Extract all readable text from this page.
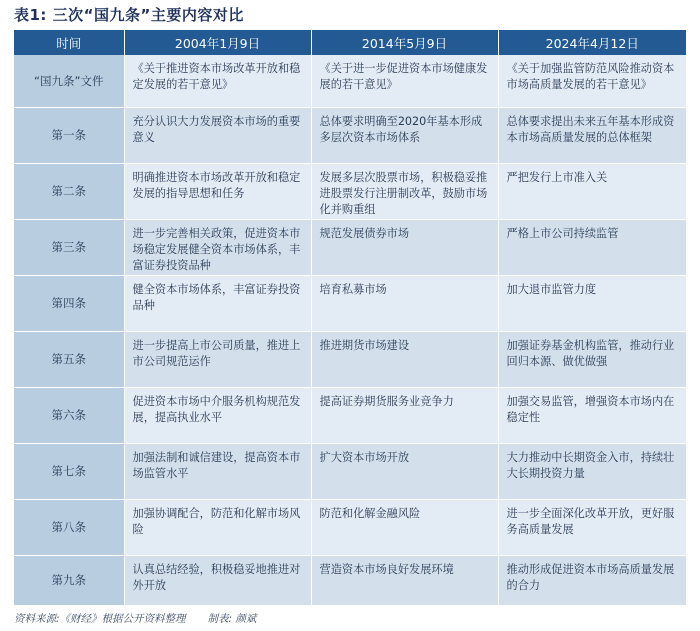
表1: 三次“国九条”主要内容对比
时间	2004年1月9日	2014年5月9日	2024年4月12日
“国九条”文件	《关于推进资本市场改革开放和稳定发展的若干意见》	《关于进一步促进资本市场健康发展的若干意见》	《关于加强监管防范风险推动资本市场高质量发展的若干意见》
第一条	充分认识大力发展资本市场的重要意义	总体要求明确至2020年基本形成多层次资本市场体系	总体要求提出未来五年基本形成资本市场高质量发展的总体框架
第二条	明确推进资本市场改革开放和稳定发展的指导思想和任务	发展多层次股票市场，积极稳妥推进股票发行注册制改革，鼓励市场化并购重组	严把发行上市准入关
第三条	进一步完善相关政策，促进资本市场稳定发展健全资本市场体系，丰富证券投资品种	规范发展债券市场	严格上市公司持续监管
第四条	健全资本市场体系，丰富证券投资品种	培育私募市场	加大退市监管力度
第五条	进一步提高上市公司质量，推进上市公司规范运作	推进期货市场建设	加强证券基金机构监管，推动行业回归本源、做优做强
第六条	促进资本市场中介服务机构规范发展，提高执业水平	提高证券期货服务业竞争力	加强交易监管，增强资本市场内在稳定性
第七条	加强法制和诚信建设，提高资本市场监管水平	扩大资本市场开放	大力推动中长期资金入市，持续壮大长期投资力量
第八条	加强协调配合，防范和化解市场风险	防范和化解金融风险	进一步全面深化改革开放，更好服务高质量发展
第九条	认真总结经验，积极稳妥地推进对外开放	营造资本市场良好发展环境	推动形成促进资本市场高质量发展的合力
资料来源:《财经》根据公开资料整理 制表: 颜斌
